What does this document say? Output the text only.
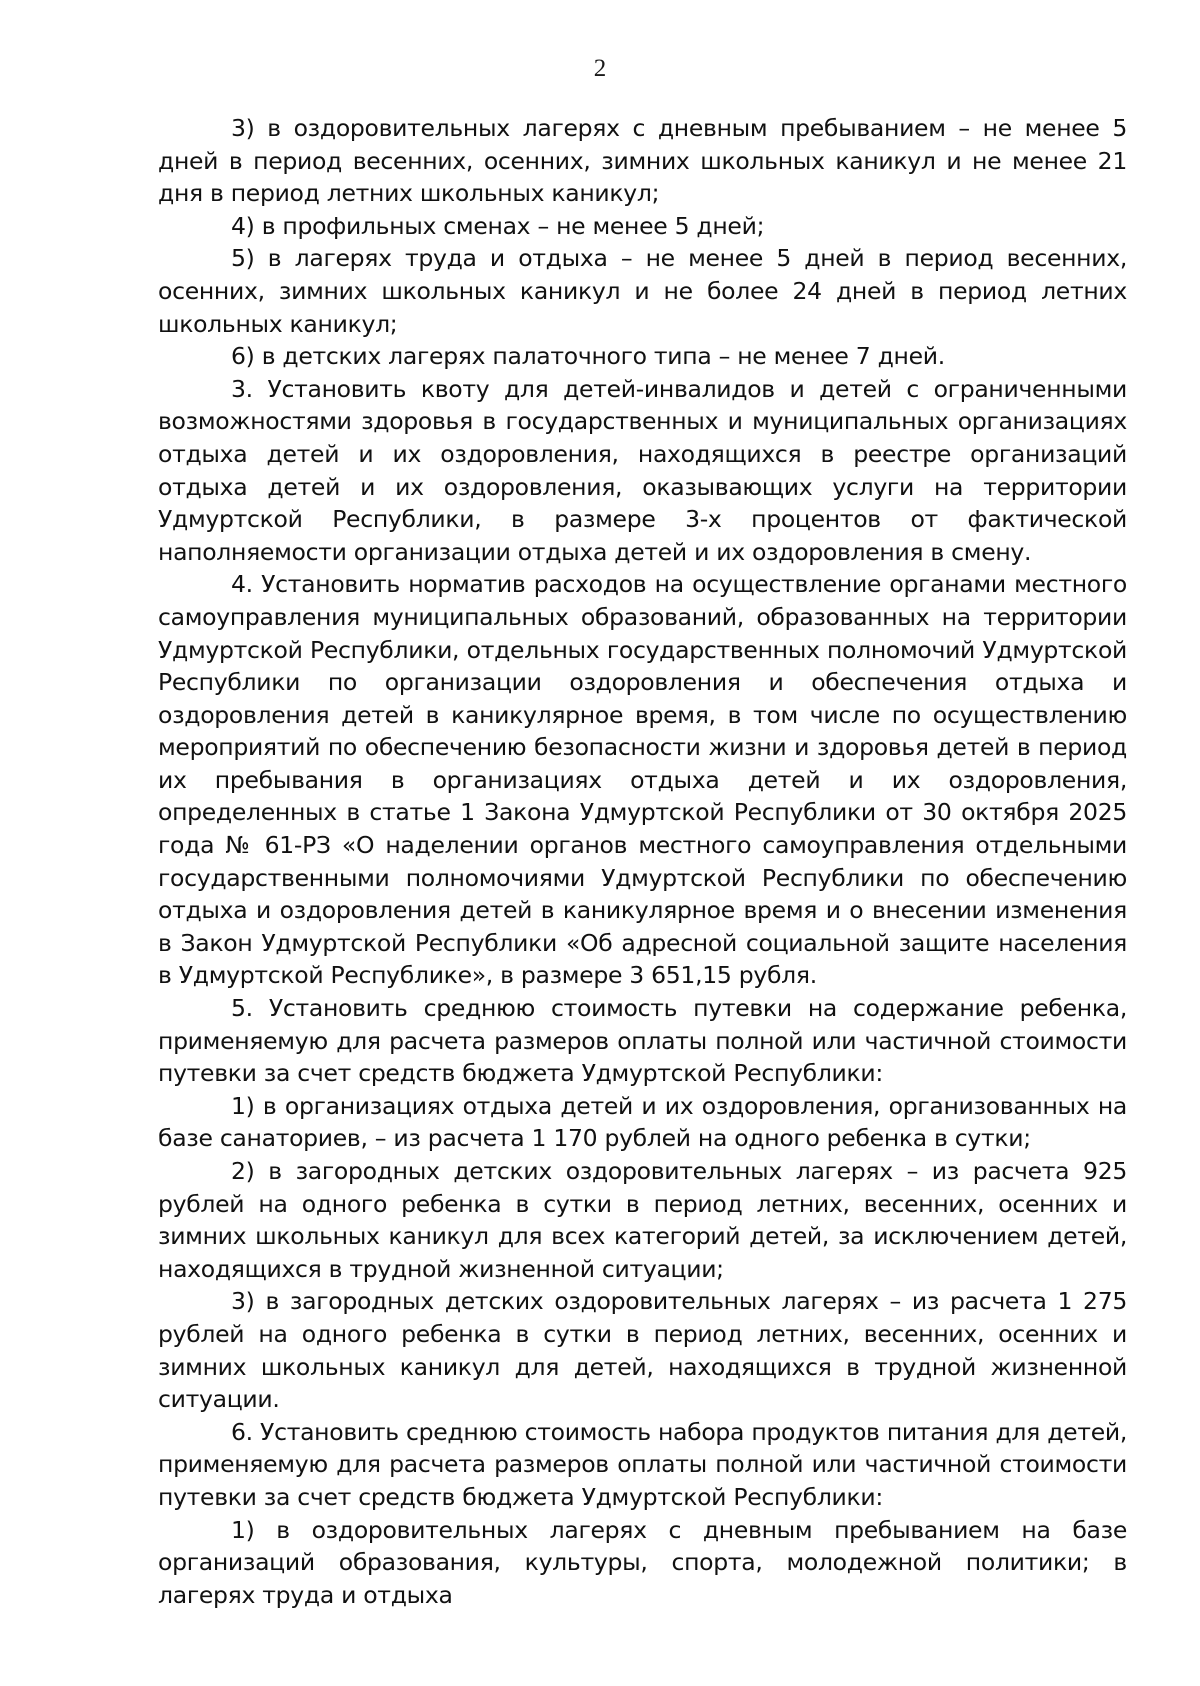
2

3) в оздоровительных лагерях с дневным пребыванием – не менее 5 дней в период весенних, осенних, зимних школьных каникул и не менее 21 дня в период летних школьных каникул;

4) в профильных сменах – не менее 5 дней;

5) в лагерях труда и отдыха – не менее 5 дней в период весенних, осенних, зимних школьных каникул и не более 24 дней в период летних школьных каникул;

6) в детских лагерях палаточного типа – не менее 7 дней.

3. Установить квоту для детей-инвалидов и детей с ограниченными возможностями здоровья в государственных и муниципальных организациях отдыха детей и их оздоровления, находящихся в реестре организаций отдыха детей и их оздоровления, оказывающих услуги на территории Удмуртской Республики, в размере 3-х процентов от фактической наполняемости организации отдыха детей и их оздоровления в смену.

4. Установить норматив расходов на осуществление органами местного самоуправления муниципальных образований, образованных на территории Удмуртской Республики, отдельных государственных полномочий Удмуртской Республики по организации оздоровления и обеспечения отдыха и оздоровления детей в каникулярное время, в том числе по осуществлению мероприятий по обеспечению безопасности жизни и здоровья детей в период их пребывания в организациях отдыха детей и их оздоровления, определенных в статье 1 Закона Удмуртской Республики от 30 октября 2025 года № 61-РЗ «О наделении органов местного самоуправления отдельными государственными полномочиями Удмуртской Республики по обеспечению отдыха и оздоровления детей в каникулярное время и о внесении изменения в Закон Удмуртской Республики «Об адресной социальной защите населения в Удмуртской Республике», в размере 3 651,15 рубля.

5. Установить среднюю стоимость путевки на содержание ребенка, применяемую для расчета размеров оплаты полной или частичной стоимости путевки за счет средств бюджета Удмуртской Республики:

1) в организациях отдыха детей и их оздоровления, организованных на базе санаториев, – из расчета 1 170 рублей на одного ребенка в сутки;

2) в загородных детских оздоровительных лагерях – из расчета 925 рублей на одного ребенка в сутки в период летних, весенних, осенних и зимних школьных каникул для всех категорий детей, за исключением детей, находящихся в трудной жизненной ситуации;

3) в загородных детских оздоровительных лагерях – из расчета 1 275 рублей на одного ребенка в сутки в период летних, весенних, осенних и зимних школьных каникул для детей, находящихся в трудной жизненной ситуации.

6. Установить среднюю стоимость набора продуктов питания для детей, применяемую для расчета размеров оплаты полной или частичной стоимости путевки за счет средств бюджета Удмуртской Республики:

1) в оздоровительных лагерях с дневным пребыванием на базе организаций образования, культуры, спорта, молодежной политики; в лагерях труда и отдыха
